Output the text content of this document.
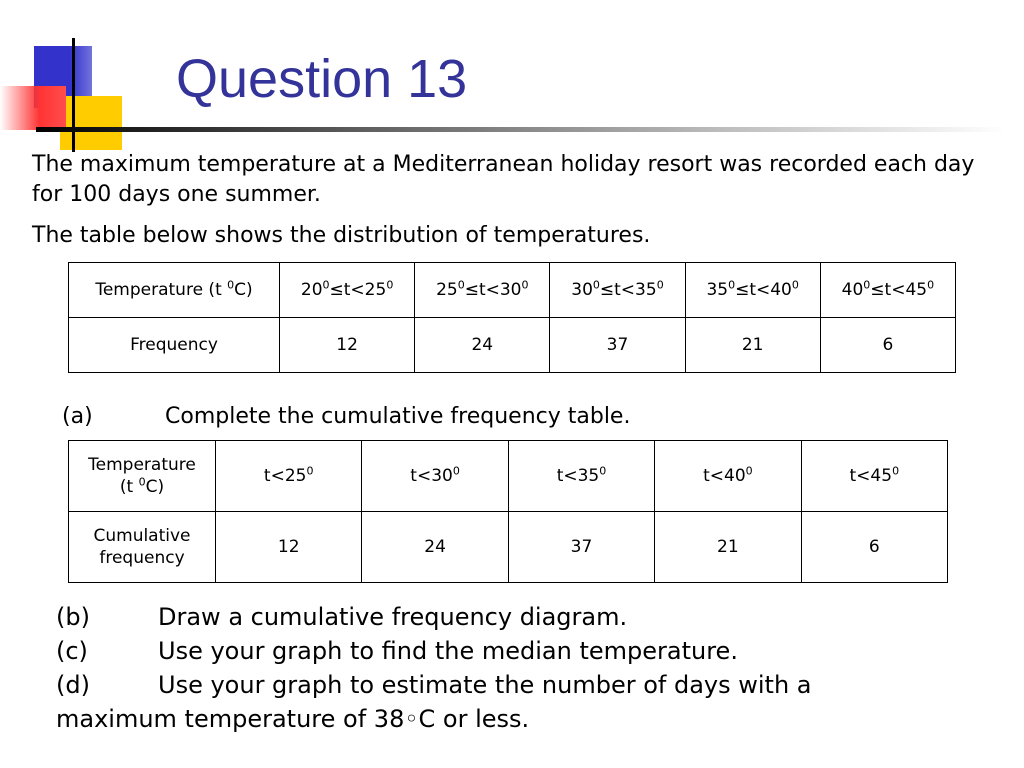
Question 13
The maximum temperature at a Mediterranean holiday resort was recorded each day for 100 days one summer.
The table below shows the distribution of temperatures.
Temperature (t $^0$C)	$20^0\le t<25^0$	$25^0\le t<30^0$	$30^0\le t<35^0$	$35^0\le t<40^0$	$40^0\le t<45^0$
Frequency	12	24	37	21	6
(a)	Complete the cumulative frequency table.
Temperature
(t $^0$C)	$t<25^0$	$t<30^0$	$t<35^0$	$t<40^0$	$t<45^0$
Cumulative
frequency	12	24	37	21	6
(b)	Draw a cumulative frequency diagram.
(c)	Use your graph to find the median temperature.
(d)	Use your graph to estimate the number of days with a
maximum temperature of 38◦C or less.
